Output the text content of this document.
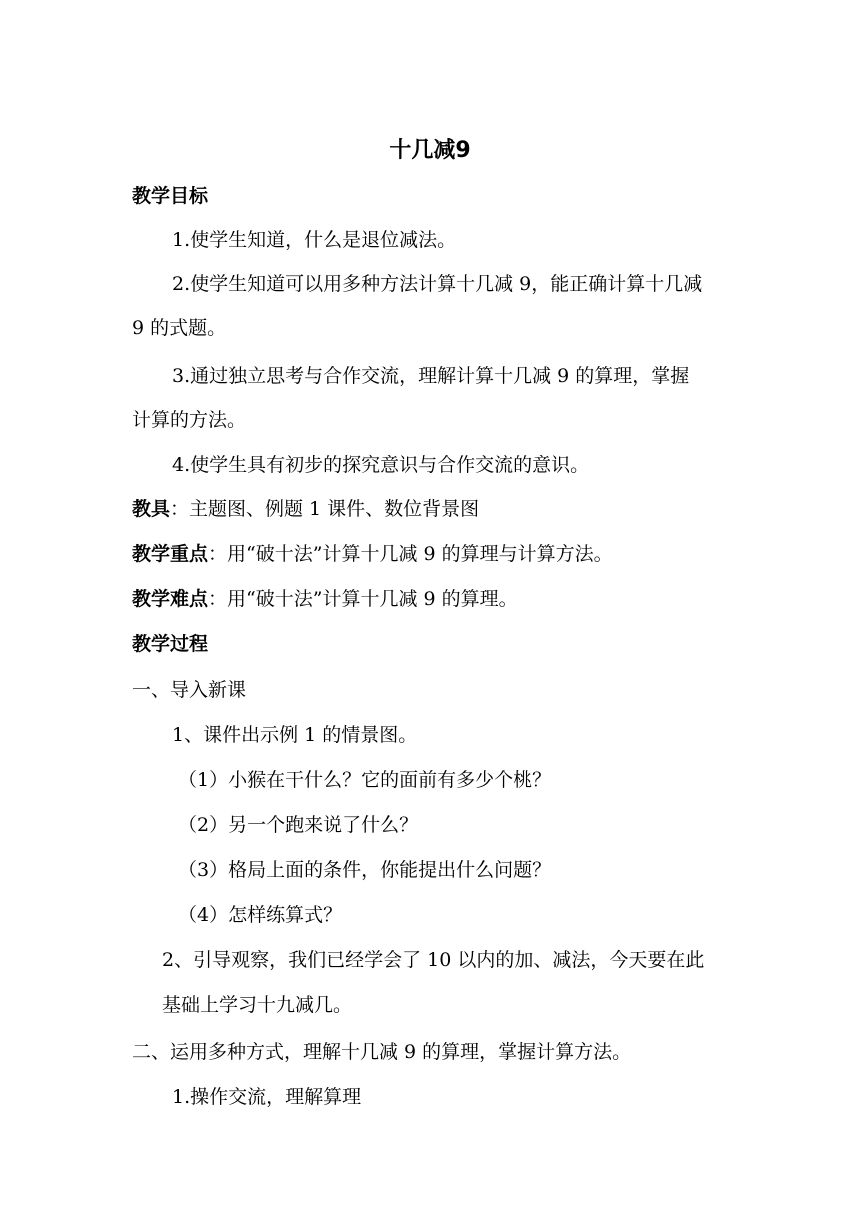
十几减9

教学目标

1.使学生知道，什么是退位减法。

2.使学生知道可以用多种方法计算十几减 9，能正确计算十几减

9 的式题。

3.通过独立思考与合作交流，理解计算十几减 9 的算理，掌握

计算的方法。

4.使学生具有初步的探究意识与合作交流的意识。

教具：主题图、例题 1 课件、数位背景图

教学重点：用“破十法”计算十几减 9 的算理与计算方法。

教学难点：用“破十法”计算十几减 9 的算理。

教学过程

一、导入新课

1、课件出示例 1 的情景图。

（1）小猴在干什么？它的面前有多少个桃？

（2）另一个跑来说了什么？

（3）格局上面的条件，你能提出什么问题？

（4）怎样练算式？

2、引导观察，我们已经学会了 10 以内的加、减法，今天要在此

基础上学习十九减几。

二、运用多种方式，理解十几减 9 的算理，掌握计算方法。

1.操作交流，理解算理
